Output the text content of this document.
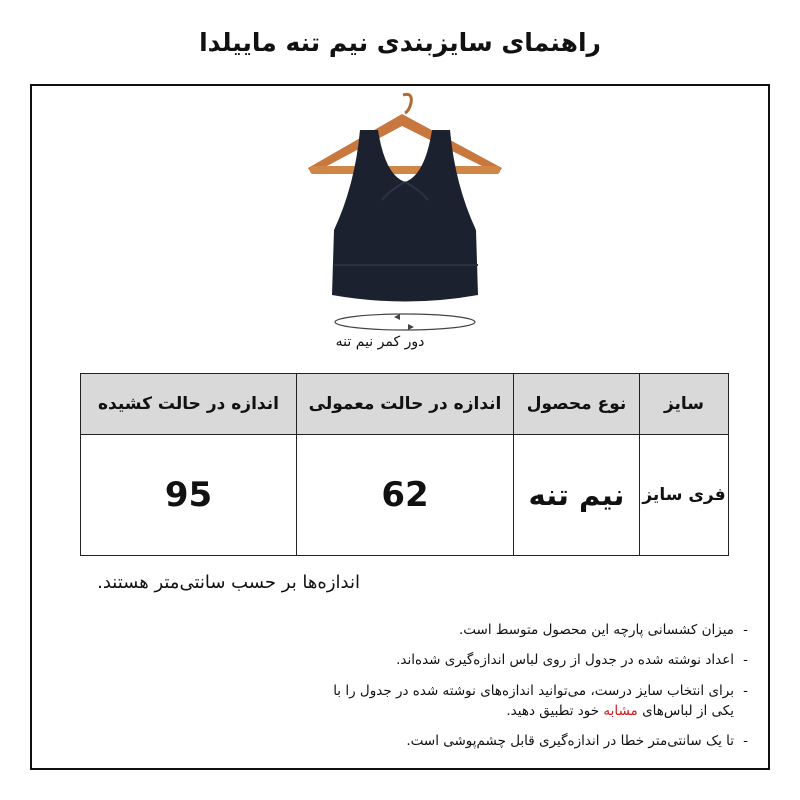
راهنمای سایزبندی نیم تنه ماییلدا
دور کمر نیم تنه
سایز	نوع محصول	اندازه در حالت معمولی	اندازه در حالت کشیده
فری سایز	نیم تنه	62	95
اندازه‌ها بر حسب سانتی‌متر هستند.
- میزان کشسانی پارچه این محصول متوسط است.
- اعداد نوشته شده در جدول از روی لباس اندازه‌گیری شده‌اند.
- برای انتخاب سایز درست، می‌توانید اندازه‌های نوشته شده در جدول را با یکی از لباس‌های مشابه خود تطبیق دهید.
- تا یک سانتی‌متر خطا در اندازه‌گیری قابل چشم‌پوشی است.
